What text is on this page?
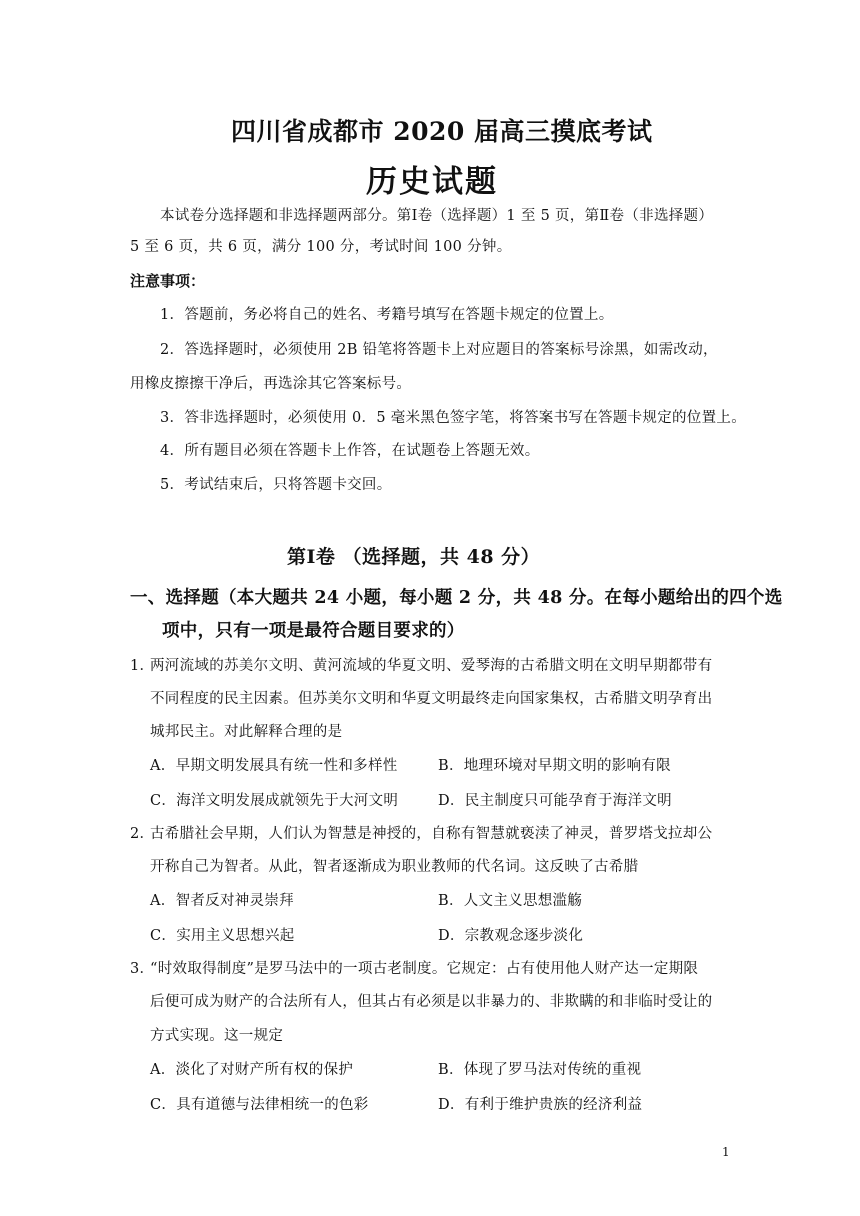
四川省成都市 2020 届高三摸底考试
历史试题
本试卷分选择题和非选择题两部分。第Ⅰ卷（选择题）1 至 5 页，第Ⅱ卷（非选择题）
5 至 6 页，共 6 页，满分 100 分，考试时间 100 分钟。
注意事项：
1．答题前，务必将自己的姓名、考籍号填写在答题卡规定的位置上。
2．答选择题时，必须使用 2B 铅笔将答题卡上对应题目的答案标号涂黑，如需改动，
用橡皮擦擦干净后，再选涂其它答案标号。
3．答非选择题时，必须使用 0．5 毫米黑色签字笔，将答案书写在答题卡规定的位置上。
4．所有题目必须在答题卡上作答，在试题卷上答题无效。
5．考试结束后，只将答题卡交回。
第Ⅰ卷 （选择题，共 48 分）
一、选择题（本大题共 24 小题，每小题 2 分，共 48 分。在每小题给出的四个选
项中，只有一项是最符合题目要求的）
1．
两河流域的苏美尔文明、黄河流域的华夏文明、爱琴海的古希腊文明在文明早期都带有
不同程度的民主因素。但苏美尔文明和华夏文明最终走向国家集权，古希腊文明孕育出
城邦民主。对此解释合理的是
A．早期文明发展具有统一性和多样性	B．地理环境对早期文明的影响有限
C．海洋文明发展成就领先于大河文明	D．民主制度只可能孕育于海洋文明
2．
古希腊社会早期，人们认为智慧是神授的，自称有智慧就亵渎了神灵，普罗塔戈拉却公
开称自己为智者。从此，智者逐渐成为职业教师的代名词。这反映了古希腊
A．智者反对神灵崇拜	B．人文主义思想滥觞
C．实用主义思想兴起	D．宗教观念逐步淡化
3．
“时效取得制度”是罗马法中的一项古老制度。它规定：占有使用他人财产达一定期限
后便可成为财产的合法所有人，但其占有必须是以非暴力的、非欺瞒的和非临时受让的
方式实现。这一规定
A．淡化了对财产所有权的保护	B．体现了罗马法对传统的重视
C．具有道德与法律相统一的色彩	D．有利于维护贵族的经济利益
1
